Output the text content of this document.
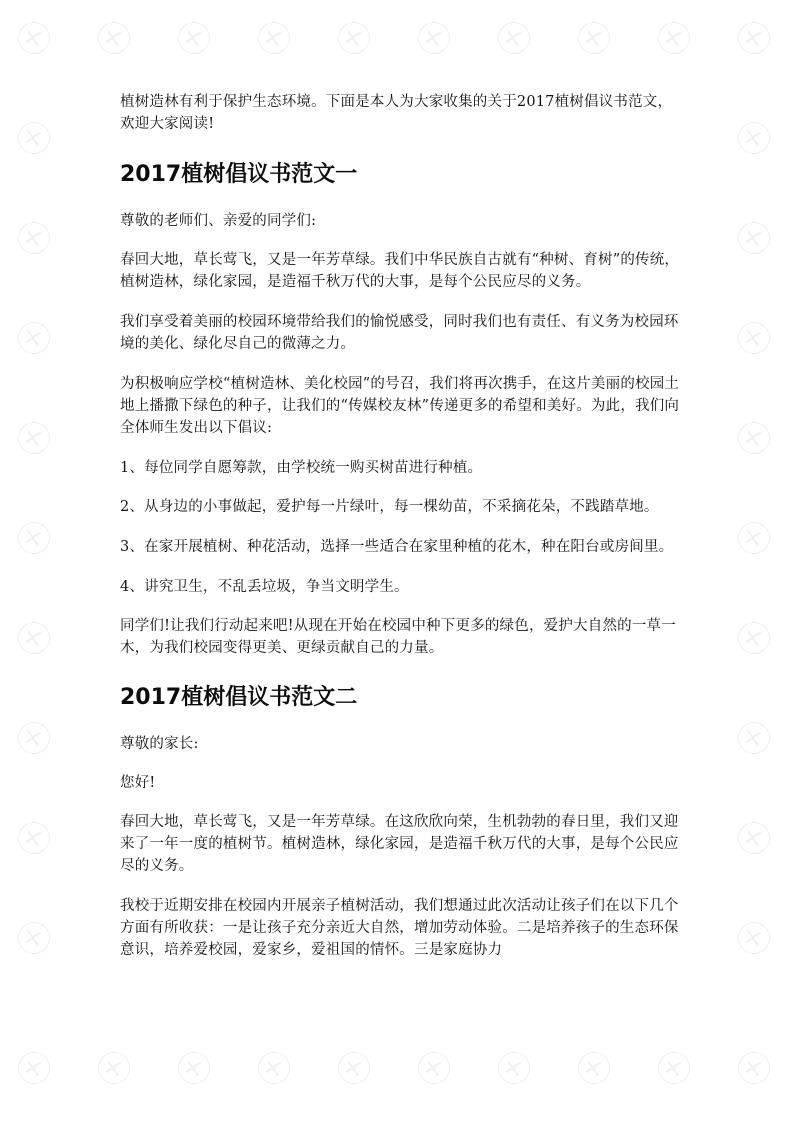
植树造林有利于保护生态环境。下面是本人为大家收集的关于2017植树倡议书范文，欢迎大家阅读!

2017植树倡议书范文一

尊敬的老师们、亲爱的同学们:

春回大地，草长莺飞，又是一年芳草绿。我们中华民族自古就有“种树、育树”的传统，植树造林，绿化家园，是造福千秋万代的大事，是每个公民应尽的义务。

我们享受着美丽的校园环境带给我们的愉悦感受，同时我们也有责任、有义务为校园环境的美化、绿化尽自己的微薄之力。

为积极响应学校“植树造林、美化校园”的号召，我们将再次携手，在这片美丽的校园土地上播撒下绿色的种子，让我们的“传媒校友林”传递更多的希望和美好。为此，我们向全体师生发出以下倡议:

1、每位同学自愿筹款，由学校统一购买树苗进行种植。

2、从身边的小事做起，爱护每一片绿叶，每一棵幼苗，不采摘花朵，不践踏草地。

3、在家开展植树、种花活动，选择一些适合在家里种植的花木，种在阳台或房间里。

4、讲究卫生，不乱丢垃圾，争当文明学生。

同学们!让我们行动起来吧!从现在开始在校园中种下更多的绿色，爱护大自然的一草一木，为我们校园变得更美、更绿贡献自己的力量。

2017植树倡议书范文二

尊敬的家长:

您好!

春回大地，草长莺飞，又是一年芳草绿。在这欣欣向荣，生机勃勃的春日里，我们又迎来了一年一度的植树节。植树造林，绿化家园，是造福千秋万代的大事，是每个公民应尽的义务。

我校于近期安排在校园内开展亲子植树活动，我们想通过此次活动让孩子们在以下几个方面有所收获：一是让孩子充分亲近大自然，增加劳动体验。二是培养孩子的生态环保意识，培养爱校园，爱家乡，爱祖国的情怀。三是家庭协力
